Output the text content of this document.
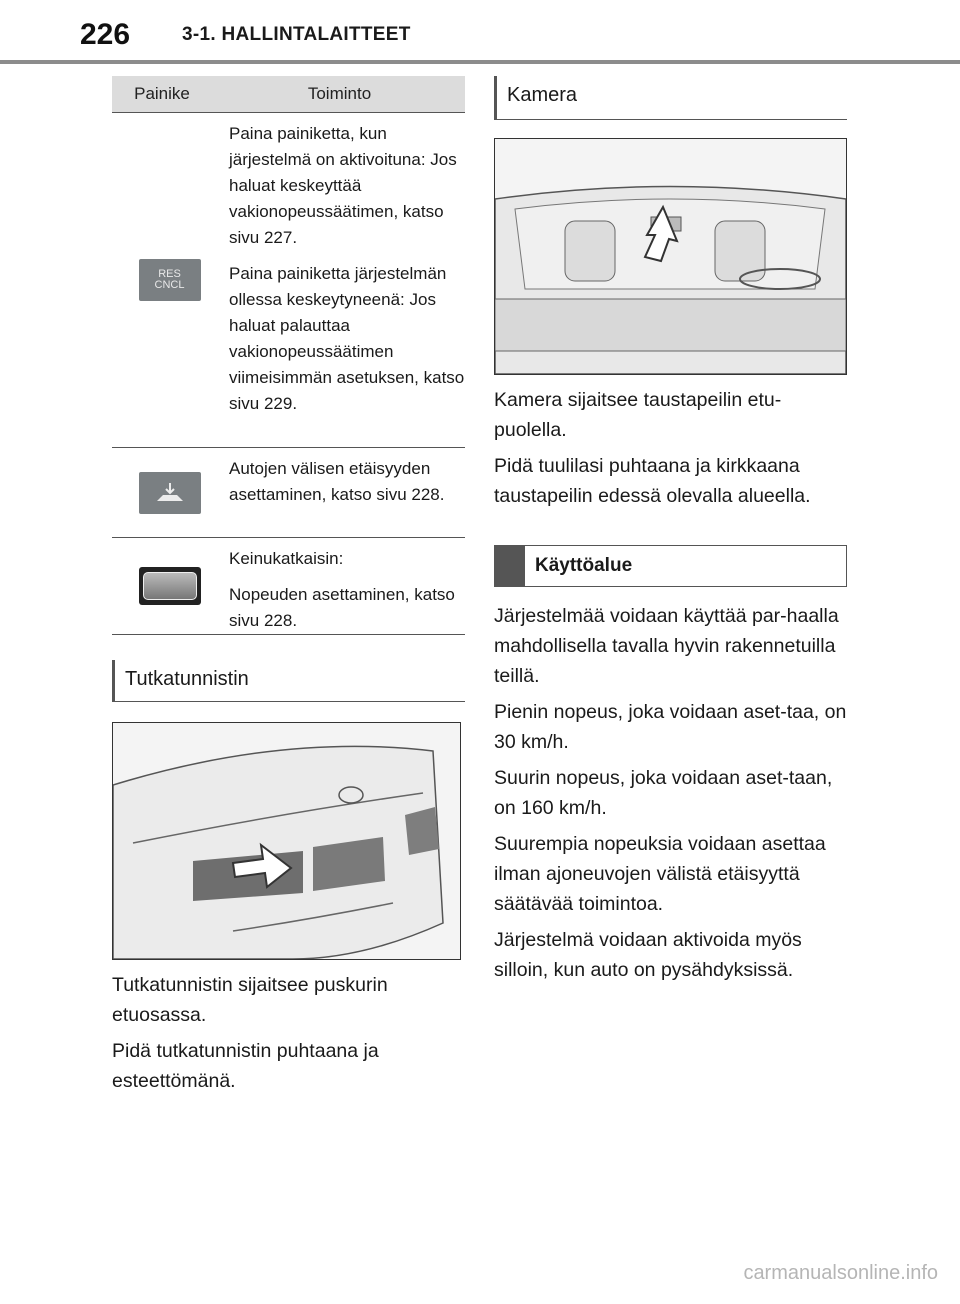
226	3-1. HALLINTALAITTEET
Painike	Toiminto
RES
CNCL

Paina painiketta, kun järjestelmä on aktivoituna: Jos haluat keskeyttää vakionopeussäätimen, katso sivu 227.

Paina painiketta järjestelmän ollessa keskeytyneenä: Jos haluat palauttaa vakionopeussäätimen viimeisimmän asetuksen, katso sivu 229.

Autojen välisen etäisyyden asettaminen, katso sivu 228.

Keinukatkaisin:

Nopeuden asettaminen, katso sivu 228.

Tutkatunnistin

Tutkatunnistin sijaitsee puskurin etuosassa.

Pidä tutkatunnistin puhtaana ja esteettömänä.

Kamera

Kamera sijaitsee taustapeilin etu-puolella.

Pidä tuulilasi puhtaana ja kirkkaana taustapeilin edessä olevalla alueella.

Käyttöalue

Järjestelmää voidaan käyttää par-haalla mahdollisella tavalla hyvin rakennetuilla teillä.

Pienin nopeus, joka voidaan aset-taa, on 30 km/h.

Suurin nopeus, joka voidaan aset-taan, on 160 km/h.

Suurempia nopeuksia voidaan asettaa ilman ajoneuvojen välistä etäisyyttä säätävää toimintoa.

Järjestelmä voidaan aktivoida myös silloin, kun auto on pysähdyksissä.

carmanualsonline.info
